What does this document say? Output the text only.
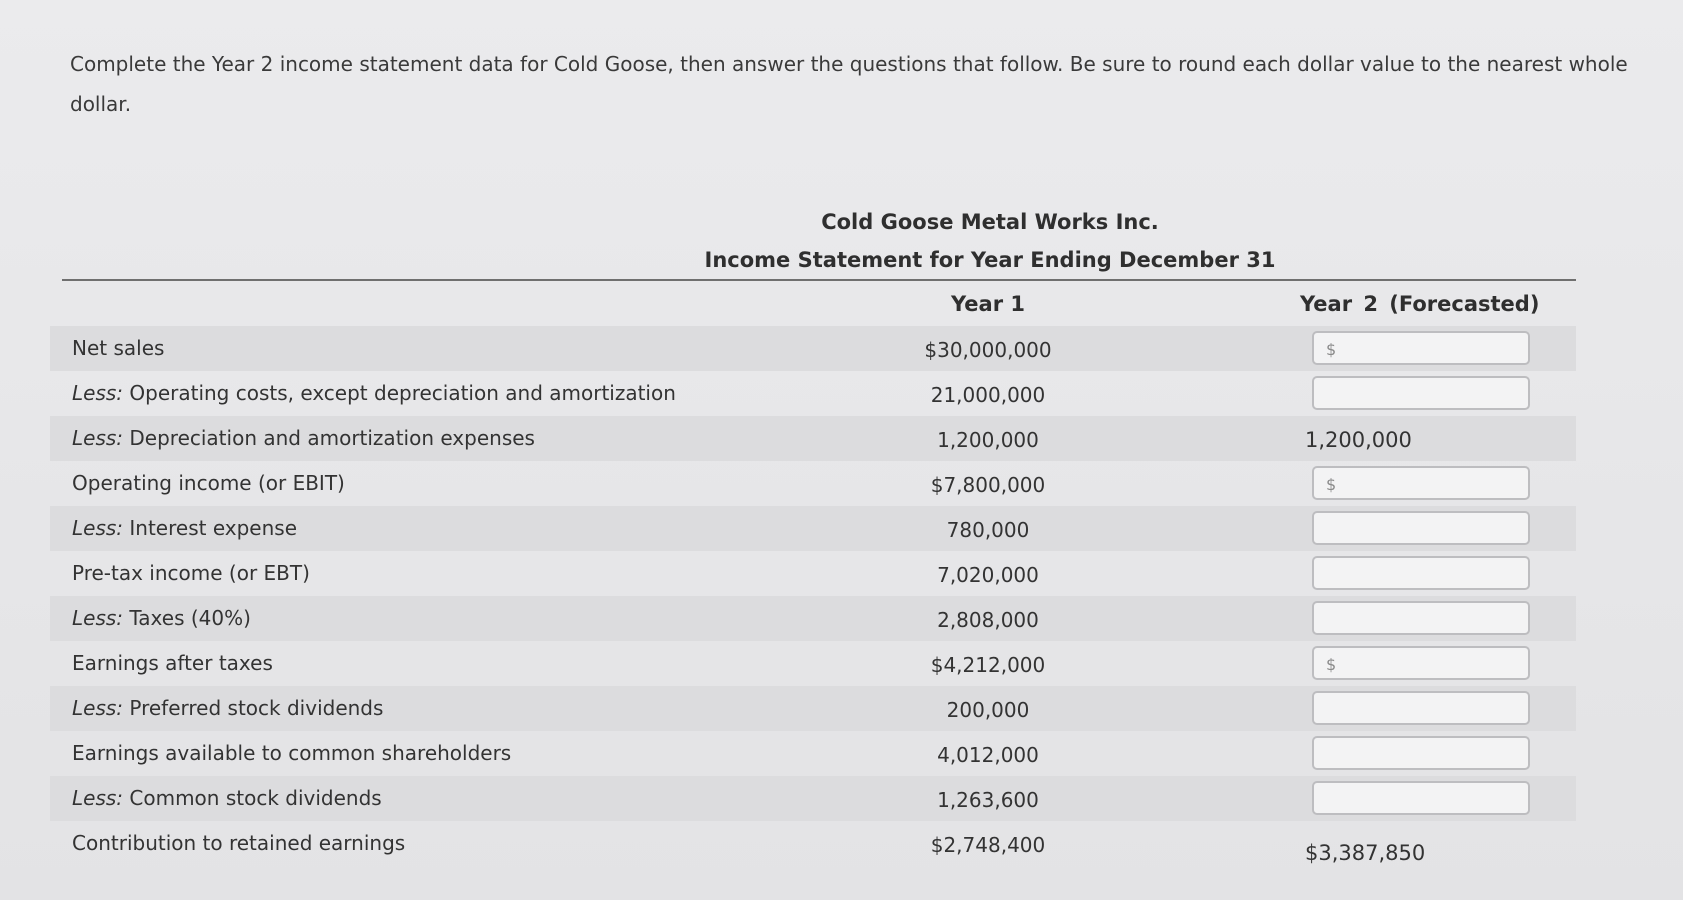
Complete the Year 2 income statement data for Cold Goose, then answer the questions that follow. Be sure to round each dollar value to the nearest whole dollar.
Cold Goose Metal Works Inc.
Income Statement for Year Ending December 31
Year 1	Year 2 (Forecasted)
Net sales	$30,000,000	$
Less: Operating costs, except depreciation and amortization	21,000,000
Less: Depreciation and amortization expenses	1,200,000	1,200,000
Operating income (or EBIT)	$7,800,000	$
Less: Interest expense	780,000
Pre-tax income (or EBT)	7,020,000
Less: Taxes (40%)	2,808,000
Earnings after taxes	$4,212,000	$
Less: Preferred stock dividends	200,000
Earnings available to common shareholders	4,012,000
Less: Common stock dividends	1,263,600
Contribution to retained earnings	$2,748,400	$3,387,850
